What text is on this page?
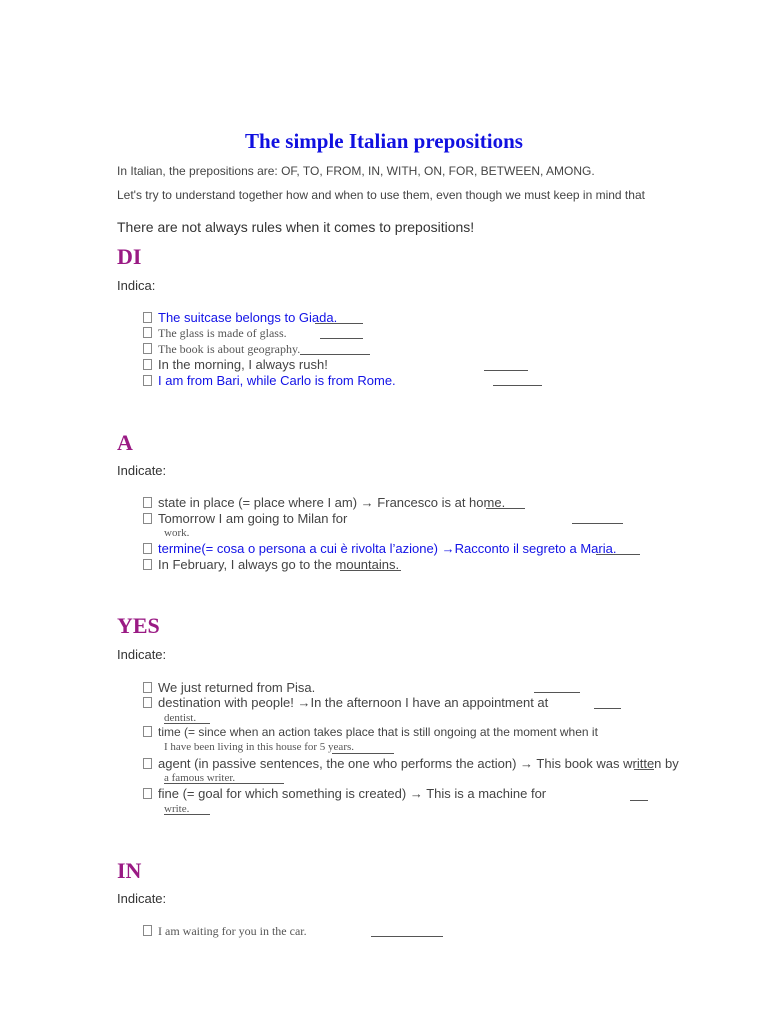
The simple Italian prepositions
In Italian, the prepositions are: OF, TO, FROM, IN, WITH, ON, FOR, BETWEEN, AMONG.
Let's try to understand together how and when to use them, even though we must keep in mind that
There are not always rules when it comes to prepositions!
DI
Indica:
The suitcase belongs to Giada.
The glass is made of glass.
The book is about geography.
In the morning, I always rush!
I am from Bari, while Carlo is from Rome.
A
Indicate:
state in place (= place where I am) → Francesco is at home.
Tomorrow I am going to Milan for
work.
termine(= cosa o persona a cui è rivolta l’azione) →Racconto il segreto a Maria.
In February, I always go to the mountains.
YES
Indicate:
We just returned from Pisa.
destination with people! →In the afternoon I have an appointment at
dentist.
time (= since when an action takes place that is still ongoing at the moment when it
I have been living in this house for 5 years.
agent (in passive sentences, the one who performs the action) → This book was written by
a famous writer.
fine (= goal for which something is created) → This is a machine for
write.
IN
Indicate:
I am waiting for you in the car.
